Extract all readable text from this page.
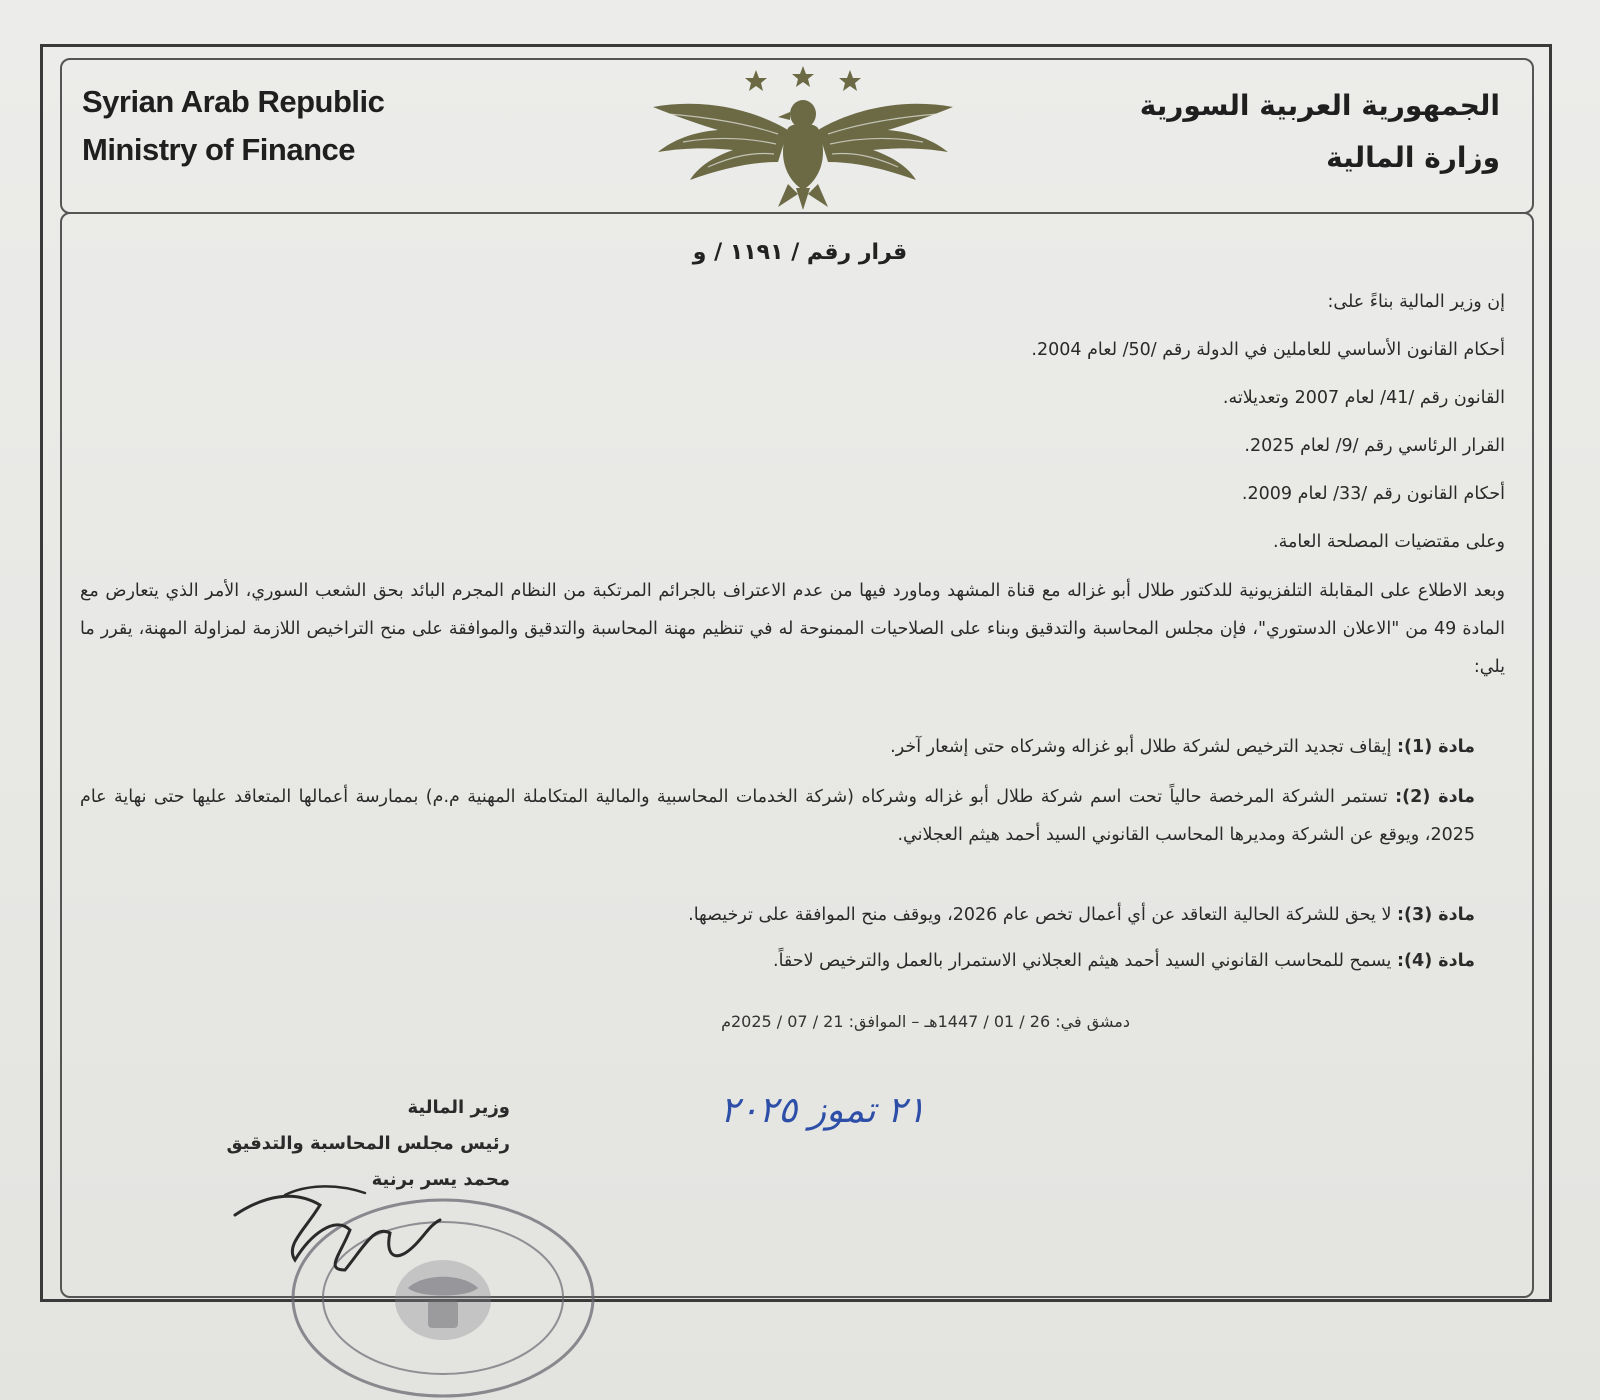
Syrian Arab Republic
Ministry of Finance
الجمهورية العربية السورية
وزارة المالية
قرار رقم / ١١٩١ / و
إن وزير المالية بناءً على:
أحكام القانون الأساسي للعاملين في الدولة رقم /50/ لعام 2004.
القانون رقم /41/ لعام 2007 وتعديلاته.
القرار الرئاسي رقم /9/ لعام 2025.
أحكام القانون رقم /33/ لعام 2009.
وعلى مقتضيات المصلحة العامة.
وبعد الاطلاع على المقابلة التلفزيونية للدكتور طلال أبو غزاله مع قناة المشهد وماورد فيها من عدم الاعتراف بالجرائم المرتكبة من النظام المجرم البائد بحق الشعب السوري، الأمر الذي يتعارض مع المادة 49 من "الاعلان الدستوري"، فإن مجلس المحاسبة والتدقيق وبناء على الصلاحيات الممنوحة له في تنظيم مهنة المحاسبة والتدقيق والموافقة على منح التراخيص اللازمة لمزاولة المهنة، يقرر ما يلي:
مادة (1): إيقاف تجديد الترخيص لشركة طلال أبو غزاله وشركاه حتى إشعار آخر.
مادة (2): تستمر الشركة المرخصة حالياً تحت اسم شركة طلال أبو غزاله وشركاه (شركة الخدمات المحاسبية والمالية المتكاملة المهنية م.م) بممارسة أعمالها المتعاقد عليها حتى نهاية عام 2025، ويوقع عن الشركة ومديرها المحاسب القانوني السيد أحمد هيثم العجلاني.
مادة (3): لا يحق للشركة الحالية التعاقد عن أي أعمال تخص عام 2026، ويوقف منح الموافقة على ترخيصها.
مادة (4): يسمح للمحاسب القانوني السيد أحمد هيثم العجلاني الاستمرار بالعمل والترخيص لاحقاً.
دمشق في: 26 / 01 / 1447هـ – الموافق: 21 / 07 / 2025م
٢١ تموز ٢٠٢٥
وزير المالية
رئيس مجلس المحاسبة والتدقيق
محمد يسر برنية
